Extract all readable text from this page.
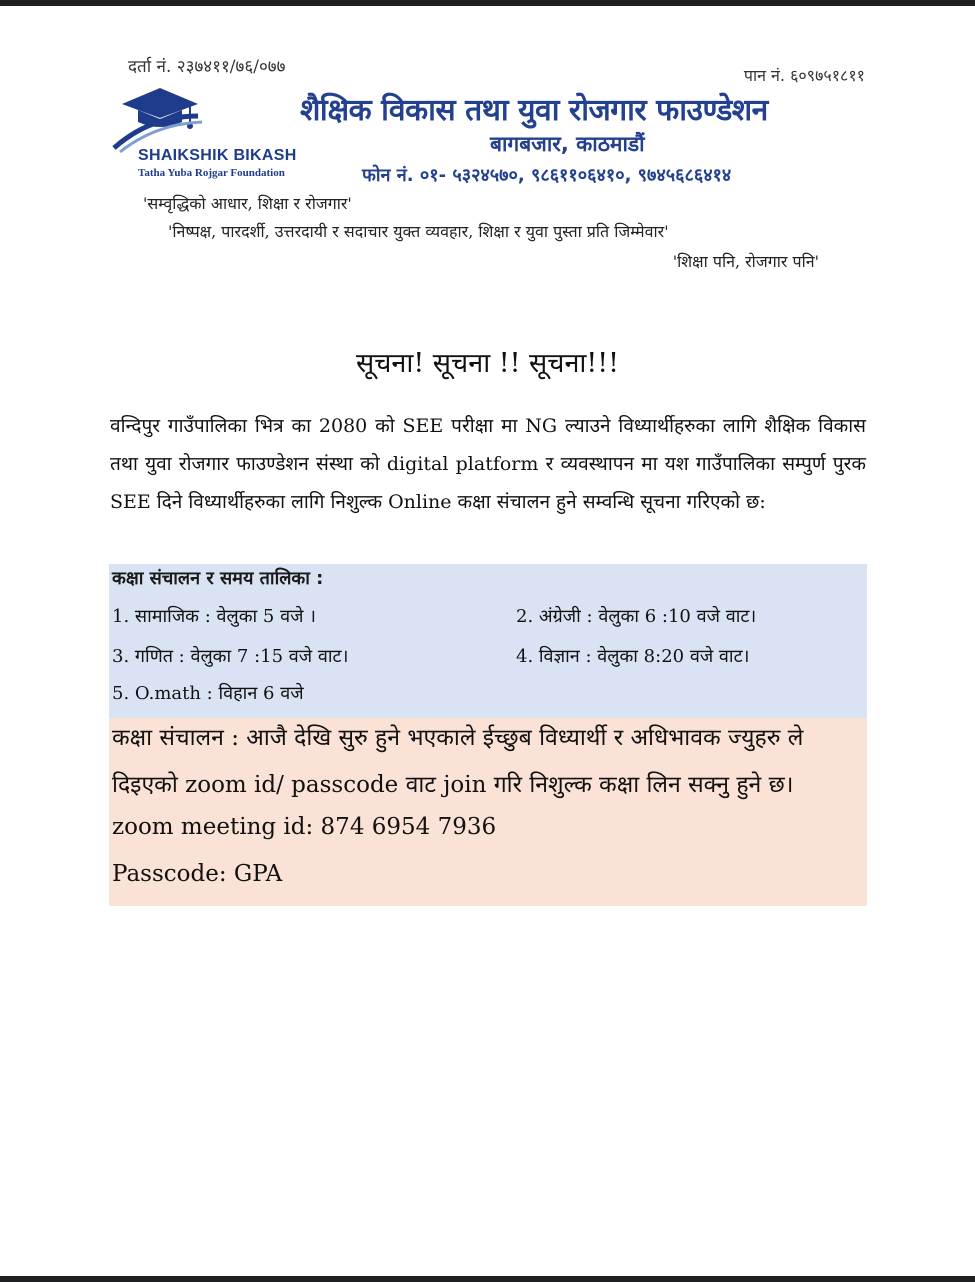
दर्ता नं. २३७४११/७६/०७७	पान नं. ६०९७५१८११
SHAIKSHIK BIKASH
Tatha Yuba Rojgar Foundation
शैक्षिक विकास तथा युवा रोजगार फाउण्डेशन
बागबजार, काठमाडौं
फोन नं. ०१- ५३२४५७०, ९८६११०६४१०, ९७४५६८६४१४
'सम्वृद्धिको आधार, शिक्षा र रोजगार'
'निष्पक्ष, पारदर्शी, उत्तरदायी र सदाचार युक्त व्यवहार, शिक्षा र युवा पुस्ता प्रति जिम्मेवार'
'शिक्षा पनि, रोजगार पनि'
सूचना! सूचना !! सूचना!!!
वन्दिपुर गाउँपालिका भित्र का 2080 को SEE परीक्षा मा NG ल्याउने विध्यार्थीहरुका लागि शैक्षिक विकास तथा युवा रोजगार फाउण्डेशन संस्था को digital platform र व्यवस्थापन मा यश गाउँपालिका सम्पुर्ण पुरक SEE दिने विध्यार्थीहरुका लागि निशुल्क Online कक्षा संचालन हुने सम्वन्धि सूचना गरिएको छ:
कक्षा संचालन र समय तालिका :
1. सामाजिक : वेलुका 5 वजे ।	2. अंग्रेजी : वेलुका 6 :10 वजे वाट।
3. गणित : वेलुका 7 :15 वजे वाट।	4. विज्ञान : वेलुका 8:20 वजे वाट।
5. O.math : विहान 6 वजे
कक्षा संचालन : आजै देखि सुरु हुने भएकाले ईच्छुब विध्यार्थी र अधिभावक ज्युहरु ले
दिइएको zoom id/ passcode वाट join गरि निशुल्क कक्षा लिन सक्नु हुने छ।
zoom meeting id: 874 6954 7936
Passcode: GPA
